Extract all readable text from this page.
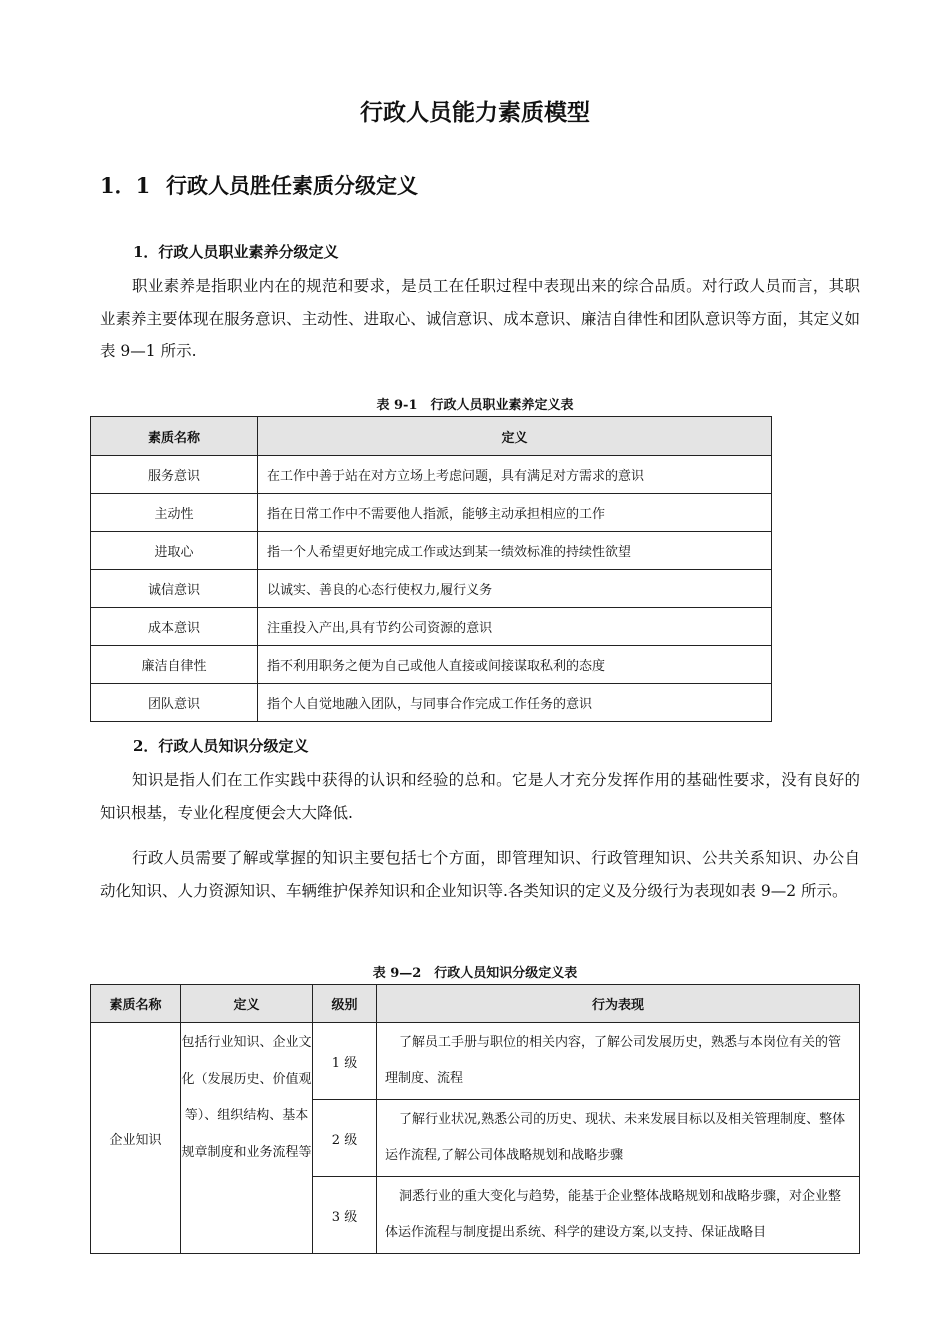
行政人员能力素质模型
1．1 行政人员胜任素质分级定义
1．行政人员职业素养分级定义

职业素养是指职业内在的规范和要求，是员工在任职过程中表现出来的综合品质。对行政人员而言，其职业素养主要体现在服务意识、主动性、进取心、诚信意识、成本意识、廉洁自律性和团队意识等方面，其定义如表 9—1 所示.

表 9-1　行政人员职业素养定义表
素质名称	定义
服务意识	在工作中善于站在对方立场上考虑问题，具有满足对方需求的意识
主动性	指在日常工作中不需要他人指派，能够主动承担相应的工作
进取心	指一个人希望更好地完成工作或达到某一绩效标准的持续性欲望
诚信意识	以诚实、善良的心态行使权力,履行义务
成本意识	注重投入产出,具有节约公司资源的意识
廉洁自律性	指不利用职务之便为自己或他人直接或间接谋取私利的态度
团队意识	指个人自觉地融入团队，与同事合作完成工作任务的意识
2．行政人员知识分级定义

知识是指人们在工作实践中获得的认识和经验的总和。它是人才充分发挥作用的基础性要求，没有良好的知识根基，专业化程度便会大大降低.

行政人员需要了解或掌握的知识主要包括七个方面，即管理知识、行政管理知识、公共关系知识、办公自动化知识、人力资源知识、车辆维护保养知识和企业知识等.各类知识的定义及分级行为表现如表 9—2 所示。

表 9—2　行政人员知识分级定义表
素质名称	定义	级别	行为表现
企业知识	包括行业知识、企业文化（发展历史、价值观等）、组织结构、基本规章制度和业务流程等	1 级	了解员工手册与职位的相关内容，了解公司发展历史，熟悉与本岗位有关的管理制度、流程
		2 级	了解行业状况,熟悉公司的历史、现状、未来发展目标以及相关管理制度、整体运作流程,了解公司体战略规划和战略步骤
		3 级	洞悉行业的重大变化与趋势，能基于企业整体战略规划和战略步骤，对企业整体运作流程与制度提出系统、科学的建设方案,以支持、保证战略目
